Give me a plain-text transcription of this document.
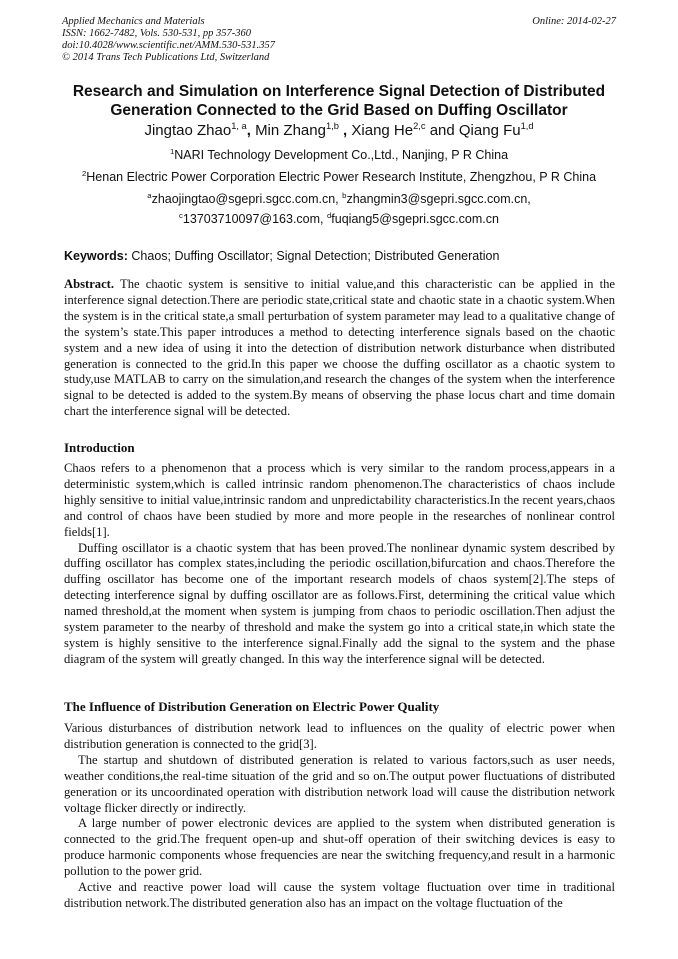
Applied Mechanics and Materials
ISSN: 1662-7482, Vols. 530-531, pp 357-360
doi:10.4028/www.scientific.net/AMM.530-531.357
© 2014 Trans Tech Publications Ltd, Switzerland
Online: 2014-02-27
Research and Simulation on Interference Signal Detection of Distributed
Generation Connected to the Grid Based on Duffing Oscillator
Jingtao Zhao$^{1, a}$, Min Zhang$^{1,b}$ , Xiang He$^{2,c}$ and Qiang Fu$^{1,d}$
$^1$NARI Technology Development Co.,Ltd., Nanjing, P R China
$^2$Henan Electric Power Corporation Electric Power Research Institute, Zhengzhou, P R China
$^a$zhaojingtao@sgepri.sgcc.com.cn, $^b$zhangmin3@sgepri.sgcc.com.cn,
$^c$13703710097@163.com, $^d$fuqiang5@sgepri.sgcc.com.cn
Keywords: Chaos; Duffing Oscillator; Signal Detection; Distributed Generation

Abstract. The chaotic system is sensitive to initial value,and this characteristic can be applied in the interference signal detection.There are periodic state,critical state and chaotic state in a chaotic system.When the system is in the critical state,a small perturbation of system parameter may lead to a qualitative change of the system’s state.This paper introduces a method to detecting interference signals based on the chaotic system and a new idea of using it into the detection of distribution network disturbance when distributed generation is connected to the grid.In this paper we choose the duffing oscillator as a chaotic system to study,use MATLAB to carry on the simulation,and research the changes of the system when the interference signal to be detected is added to the system.By means of observing the phase locus chart and time domain chart the interference signal will be detected.

Introduction

Chaos refers to a phenomenon that a process which is very similar to the random process,appears in a deterministic system,which is called intrinsic random phenomenon.The characteristics of chaos include highly sensitive to initial value,intrinsic random and unpredictability characteristics.In the recent years,chaos and control of chaos have been studied by more and more people in the researches of nonlinear control fields[1].

Duffing oscillator is a chaotic system that has been proved.The nonlinear dynamic system described by duffing oscillator has complex states,including the periodic oscillation,bifurcation and chaos.Therefore the duffing oscillator has become one of the important research models of chaos system[2].The steps of detecting interference signal by duffing oscillator are as follows.First, determining the critical value which named threshold,at the moment when system is jumping from chaos to periodic oscillation.Then adjust the system parameter to the nearby of threshold and make the system go into a critical state,in which state the system is highly sensitive to the interference signal.Finally add the signal to the system and the phase diagram of the system will greatly changed. In this way the interference signal will be detected.

The Influence of Distribution Generation on Electric Power Quality

Various disturbances of distribution network lead to influences on the quality of electric power when distribution generation is connected to the grid[3].

The startup and shutdown of distributed generation is related to various factors,such as user needs, weather conditions,the real-time situation of the grid and so on.The output power fluctuations of distributed generation or its uncoordinated operation with distribution network load will cause the distribution network voltage flicker directly or indirectly.

A large number of power electronic devices are applied to the system when distributed generation is connected to the grid.The frequent open-up and shut-off operation of their switching devices is easy to produce harmonic components whose frequencies are near the switching frequency,and result in a harmonic pollution to the power grid.

Active and reactive power load will cause the system voltage fluctuation over time in traditional distribution network.The distributed generation also has an impact on the voltage fluctuation of the
